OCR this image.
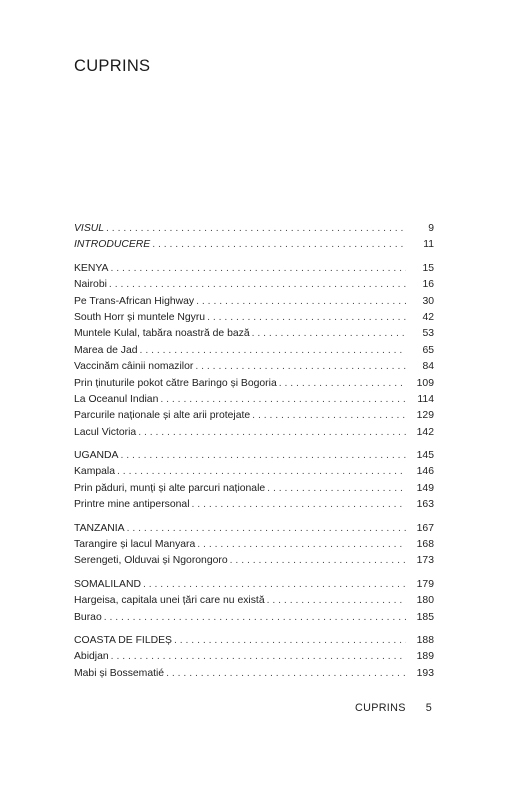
CUPRINS
VISUL . . .	9
INTRODUCERE . . .	11
KENYA . . .	15
Nairobi . . .	16
Pe Trans-African Highway . . .	30
South Horr și muntele Ngyru . . .	42
Muntele Kulal, tabăra noastră de bază . . .	53
Marea de Jad . . .	65
Vaccinăm câinii nomazilor . . .	84
Prin ținuturile pokot către Baringo și Bogoria . . .	109
La Oceanul Indian . . .	114
Parcurile naționale și alte arii protejate . . .	129
Lacul Victoria . . .	142
UGANDA . . .	145
Kampala . . .	146
Prin păduri, munți și alte parcuri naționale . . .	149
Printre mine antipersonal . . .	163
TANZANIA . . .	167
Tarangire și lacul Manyara . . .	168
Serengeti, Olduvai și Ngorongoro . . .	173
SOMALILAND . . .	179
Hargeisa, capitala unei țări care nu există . . .	180
Burao . . .	185
COASTA DE FILDEȘ . . .	188
Abidjan . . .	189
Mabi și Bossematié . . .	193
CUPRINS 5
